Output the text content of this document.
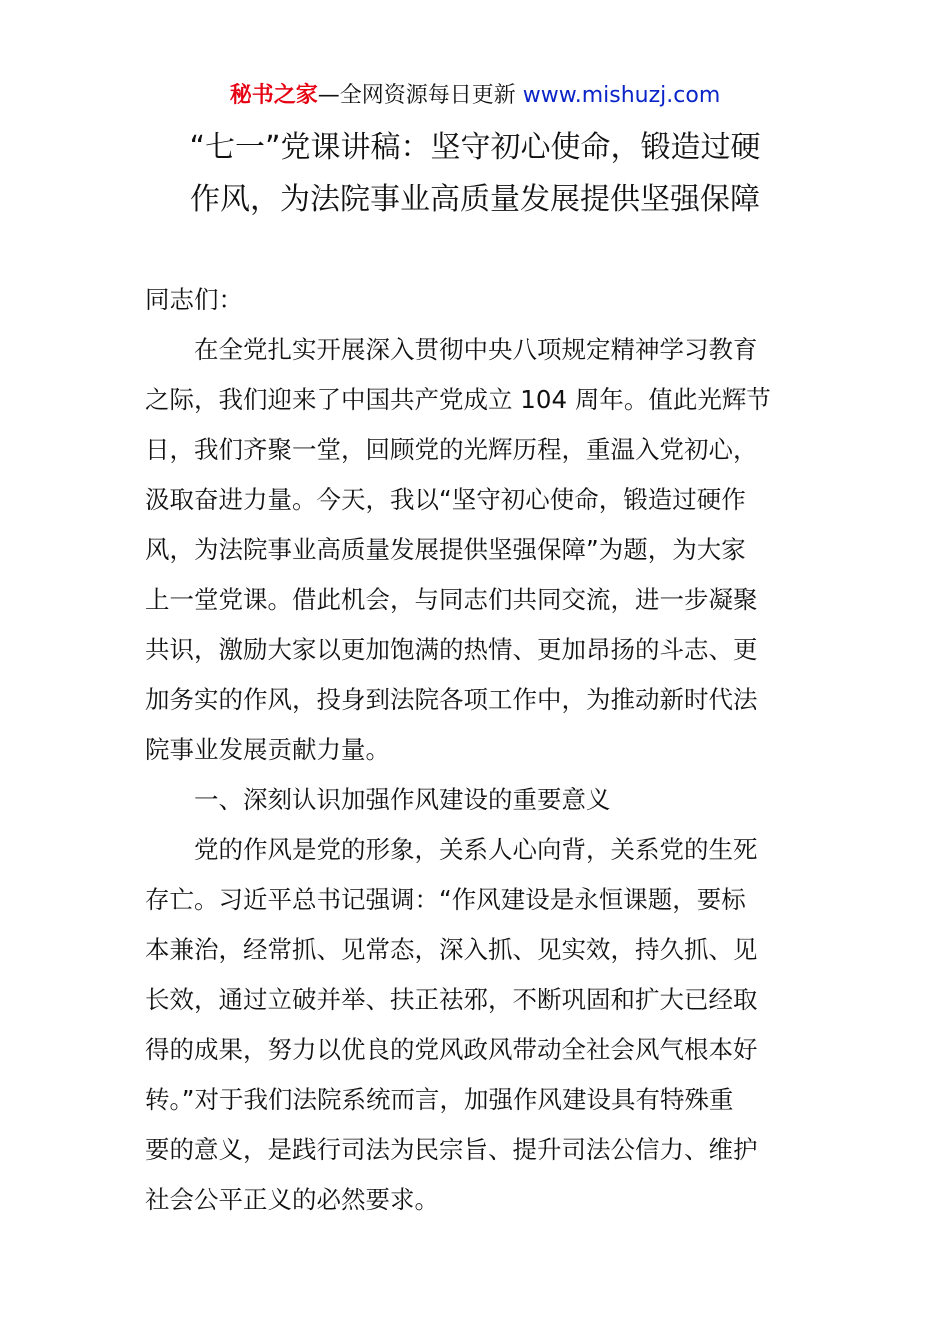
秘书之家—全网资源每日更新 www.mishuzj.com
“七一”党课讲稿：坚守初心使命，锻造过硬
作风，为法院事业高质量发展提供坚强保障
同志们：
在全党扎实开展深入贯彻中央八项规定精神学习教育
之际，我们迎来了中国共产党成立 104 周年。值此光辉节
日，我们齐聚一堂，回顾党的光辉历程，重温入党初心，
汲取奋进力量。今天，我以“坚守初心使命，锻造过硬作
风，为法院事业高质量发展提供坚强保障”为题，为大家
上一堂党课。借此机会，与同志们共同交流，进一步凝聚
共识，激励大家以更加饱满的热情、更加昂扬的斗志、更
加务实的作风，投身到法院各项工作中，为推动新时代法
院事业发展贡献力量。
一、深刻认识加强作风建设的重要意义
党的作风是党的形象，关系人心向背，关系党的生死
存亡。习近平总书记强调：“作风建设是永恒课题，要标
本兼治，经常抓、见常态，深入抓、见实效，持久抓、见
长效，通过立破并举、扶正祛邪，不断巩固和扩大已经取
得的成果，努力以优良的党风政风带动全社会风气根本好
转。”对于我们法院系统而言，加强作风建设具有特殊重
要的意义，是践行司法为民宗旨、提升司法公信力、维护
社会公平正义的必然要求。
